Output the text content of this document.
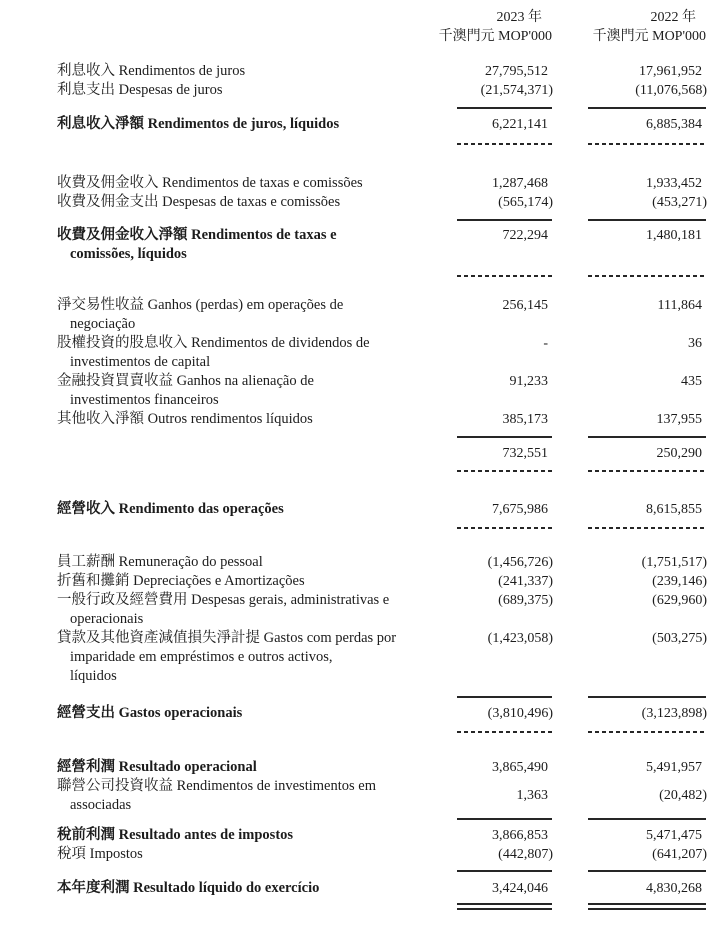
2023 年
千澳門元 MOP'000
2022 年
千澳門元 MOP'000
利息收入 Rendimentos de juros	27,795,512	17,961,952
利息支出 Despesas de juros	(21,574,371)	(11,076,568)
利息收入淨額 Rendimentos de juros, líquidos	6,221,141	6,885,384
收費及佣金收入 Rendimentos de taxas e comissões	1,287,468	1,933,452
收費及佣金支出 Despesas de taxas e comissões	(565,174)	(453,271)
收費及佣金收入淨額 Rendimentos de taxas e
comissões, líquidos
722,294	1,480,181
淨交易性收益 Ganhos (perdas) em operações de
negociação
256,145	111,864
股權投資的股息收入 Rendimentos de dividendos de
investimentos de capital
-	36
金融投資買賣收益 Ganhos na alienação de
investimentos financeiros
91,233	435
其他收入淨額 Outros rendimentos líquidos	385,173	137,955
732,551	250,290
經營收入 Rendimento das operações	7,675,986	8,615,855
員工薪酬 Remuneração do pessoal	(1,456,726)	(1,751,517)
折舊和攤銷 Depreciações e Amortizações	(241,337)	(239,146)
一般行政及經營費用 Despesas gerais, administrativas e
operacionais
(689,375)	(629,960)
貸款及其他資產減值損失淨計提 Gastos com perdas por
imparidade em empréstimos e outros activos,
líquidos
(1,423,058)	(503,275)
經營支出 Gastos operacionais	(3,810,496)	(3,123,898)
經營利潤 Resultado operacional	3,865,490	5,491,957
聯營公司投資收益 Rendimentos de investimentos em
associadas
1,363	(20,482)
稅前利潤 Resultado antes de impostos	3,866,853	5,471,475
稅項 Impostos	(442,807)	(641,207)
本年度利潤 Resultado líquido do exercício	3,424,046	4,830,268
